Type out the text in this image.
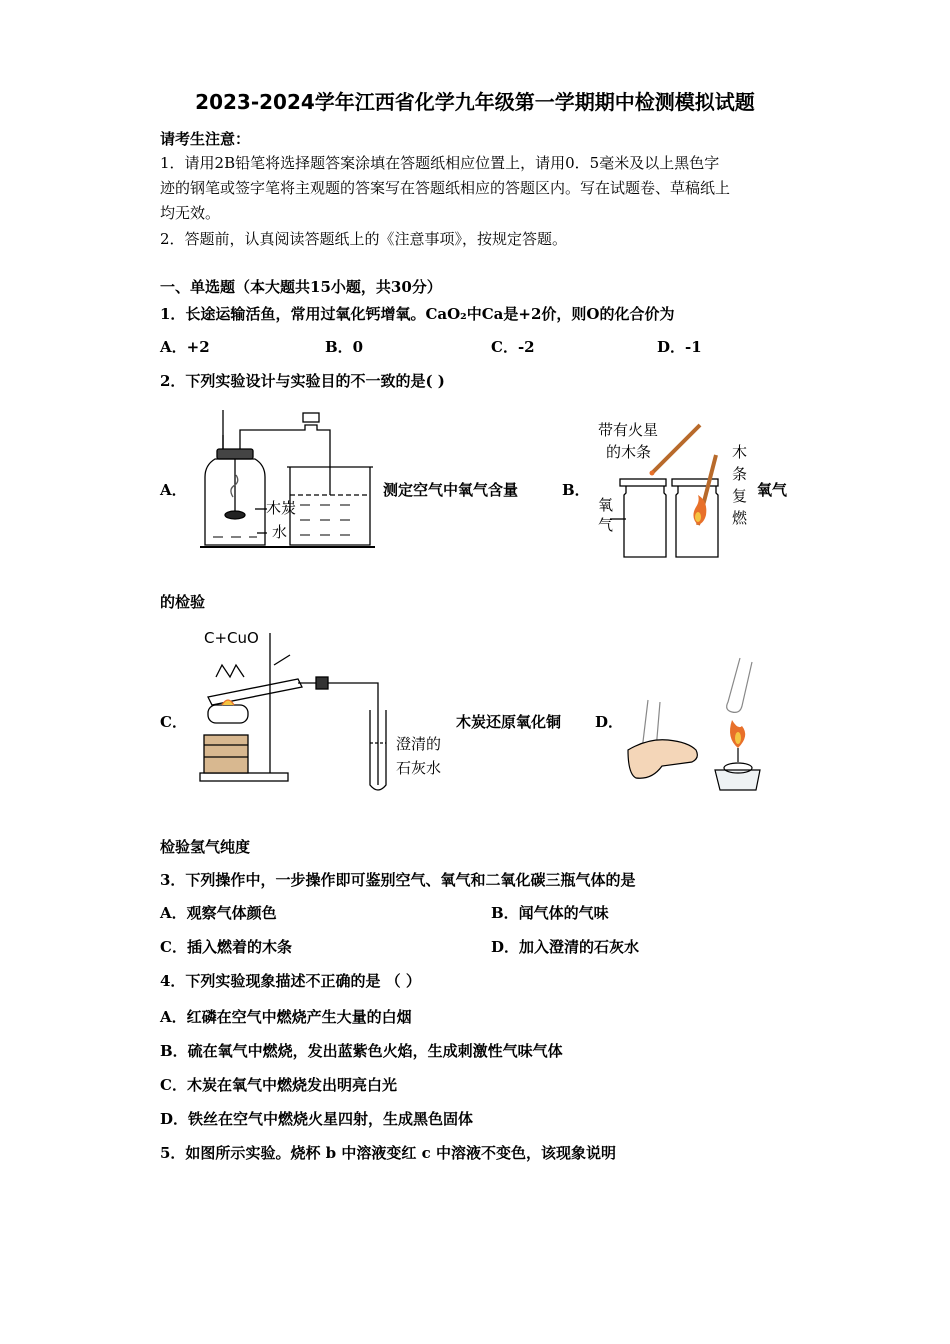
2023-2024学年江西省化学九年级第一学期期中检测模拟试题
请考生注意：
1．请用2B铅笔将选择题答案涂填在答题纸相应位置上，请用0．5毫米及以上黑色字
迹的钢笔或签字笔将主观题的答案写在答题纸相应的答题区内。写在试题卷、草稿纸上
均无效。
2．答题前，认真阅读答题纸上的《注意事项》，按规定答题。
一、单选题（本大题共15小题，共30分）
1．长途运输活鱼，常用过氧化钙增氧。CaO₂中Ca是+2价，则O的化合价为
A．+2	B．0	C．-2	D．-1
2．下列实验设计与实验目的不一致的是( )
A．
木炭
水
测定空气中氧气含量	B．
带有火星
的木条
氧
气
木
条
复
燃
氧气
的检验
C．
C+CuO
澄清的
石灰水
木炭还原氧化铜 D．
检验氢气纯度
3．下列操作中，一步操作即可鉴别空气、氧气和二氧化碳三瓶气体的是
A．观察气体颜色	B．闻气体的气味
C．插入燃着的木条	D．加入澄清的石灰水
4．下列实验现象描述不正确的是 （ ）
A．红磷在空气中燃烧产生大量的白烟
B．硫在氧气中燃烧，发出蓝紫色火焰，生成刺激性气味气体
C．木炭在氧气中燃烧发出明亮白光
D．铁丝在空气中燃烧火星四射，生成黑色固体
5．如图所示实验。烧杯 b 中溶液变红 c 中溶液不变色，该现象说明
